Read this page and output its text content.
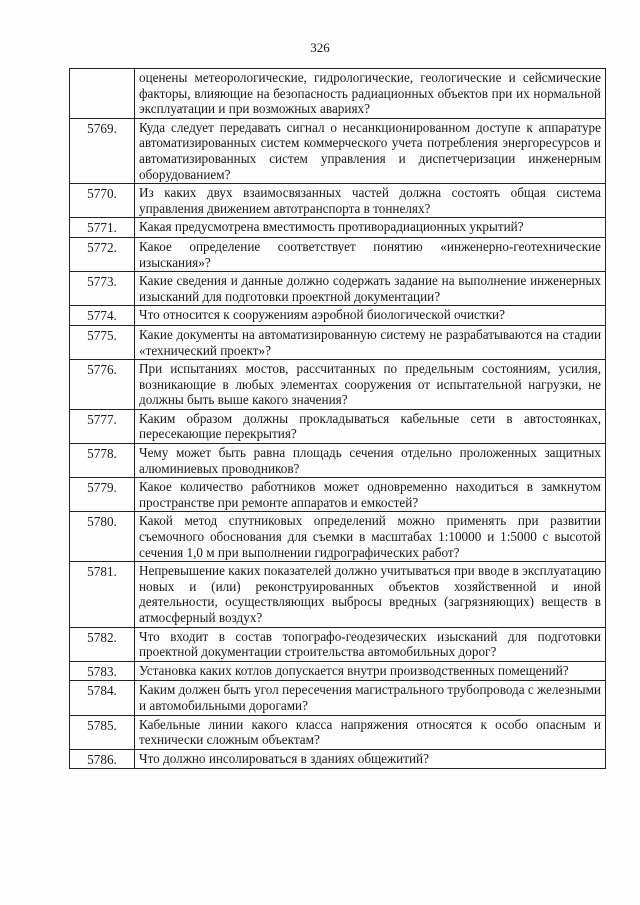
326
	оценены метеорологические, гидрологические, геологические и сейсмические факторы, влияющие на безопасность радиационных объектов при их нормальной эксплуатации и при возможных авариях?
5769.	Куда следует передавать сигнал о несанкционированном доступе к аппаратуре автоматизированных систем коммерческого учета потребления энергоресурсов и автоматизированных систем управления и диспетчеризации инженерным оборудованием?
5770.	Из каких двух взаимосвязанных частей должна состоять общая система управления движением автотранспорта в тоннелях?
5771.	Какая предусмотрена вместимость противорадиационных укрытий?
5772.	Какое определение соответствует понятию «инженерно-геотехнические изыскания»?
5773.	Какие сведения и данные должно содержать задание на выполнение инженерных изысканий для подготовки проектной документации?
5774.	Что относится к сооружениям аэробной биологической очистки?
5775.	Какие документы на автоматизированную систему не разрабатываются на стадии «технический проект»?
5776.	При испытаниях мостов, рассчитанных по предельным состояниям, усилия, возникающие в любых элементах сооружения от испытательной нагрузки, не должны быть выше какого значения?
5777.	Каким образом должны прокладываться кабельные сети в автостоянках, пересекающие перекрытия?
5778.	Чему может быть равна площадь сечения отдельно проложенных защитных алюминиевых проводников?
5779.	Какое количество работников может одновременно находиться в замкнутом пространстве при ремонте аппаратов и емкостей?
5780.	Какой метод спутниковых определений можно применять при развитии съемочного обоснования для съемки в масштабах 1:10000 и 1:5000 с высотой сечения 1,0 м при выполнении гидрографических работ?
5781.	Непревышение каких показателей должно учитываться при вводе в эксплуатацию новых и (или) реконструированных объектов хозяйственной и иной деятельности, осуществляющих выбросы вредных (загрязняющих) веществ в атмосферный воздух?
5782.	Что входит в состав топографо-геодезических изысканий для подготовки проектной документации строительства автомобильных дорог?
5783.	Установка каких котлов допускается внутри производственных помещений?
5784.	Каким должен быть угол пересечения магистрального трубопровода с железными и автомобильными дорогами?
5785.	Кабельные линии какого класса напряжения относятся к особо опасным и технически сложным объектам?
5786.	Что должно инсолироваться в зданиях общежитий?
